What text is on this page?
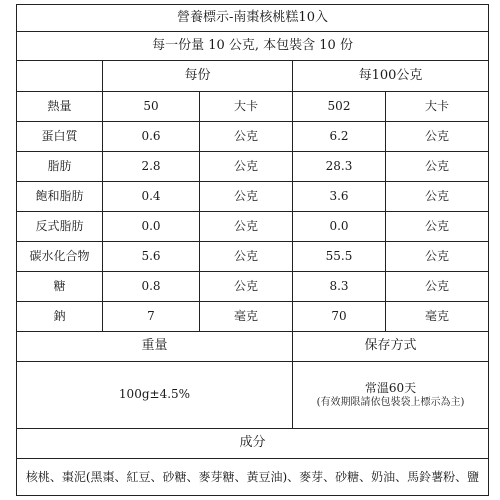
營養標示-南棗核桃糕10入				
每一份量 10 公克, 本包裝含 10 份				
	每份		每100公克	
熱量	50	大卡	502	大卡
蛋白質	0.6	公克	6.2	公克
脂肪	2.8	公克	28.3	公克
飽和脂肪	0.4	公克	3.6	公克
反式脂肪	0.0	公克	0.0	公克
碳水化合物	5.6	公克	55.5	公克
糖	0.8	公克	8.3	公克
鈉	7	毫克	70	毫克
重量			保存方式	
100g±4.5%			常溫60天
(有效期限請依包裝袋上標示為主)	

成分				
核桃、棗泥(黑棗、紅豆、砂糖、麥芽糖、黃豆油)、麥芽、砂糖、奶油、馬鈴薯粉、鹽				
